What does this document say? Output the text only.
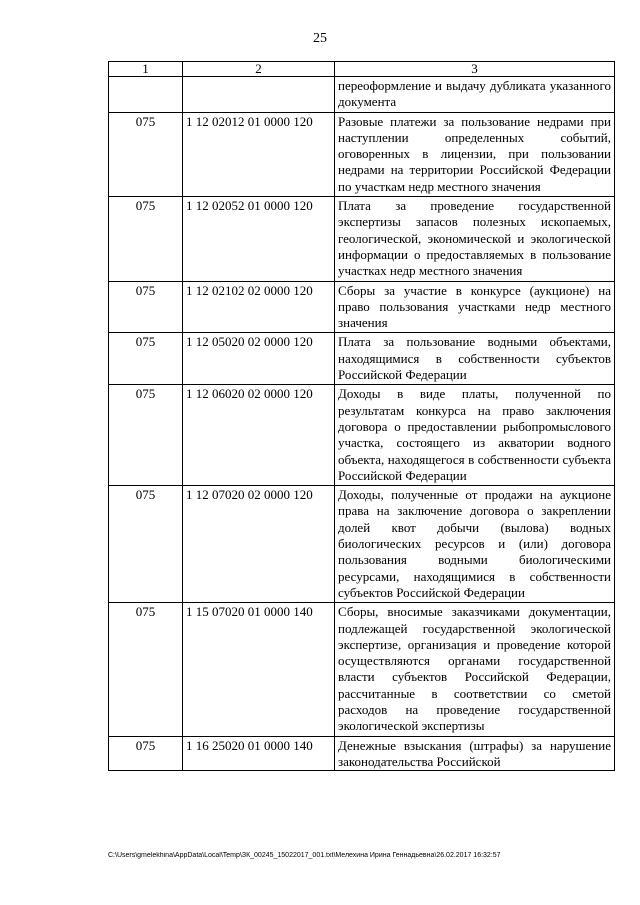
25
1	2	3
		переоформление и выдачу дубликата указанного документа
075	1 12 02012 01 0000 120	Разовые платежи за пользование недрами при наступлении определенных событий, оговоренных в лицензии, при пользовании недрами на территории Российской Федерации по участкам недр местного значения
075	1 12 02052 01 0000 120	Плата за проведение государственной экспертизы запасов полезных ископаемых, геологической, экономической и экологической информации о предоставляемых в пользование участках недр местного значения
075	1 12 02102 02 0000 120	Сборы за участие в конкурсе (аукционе) на право пользования участками недр местного значения
075	1 12 05020 02 0000 120	Плата за пользование водными объектами, находящимися в собственности субъектов Российской Федерации
075	1 12 06020 02 0000 120	Доходы в виде платы, полученной по результатам конкурса на право заключения договора о предоставлении рыбопромыслового участка, состоящего из акватории водного объекта, находящегося в собственности субъекта Российской Федерации
075	1 12 07020 02 0000 120	Доходы, полученные от продажи на аукционе права на заключение договора о закреплении долей квот добычи (вылова) водных биологических ресурсов и (или) договора пользования водными биологическими ресурсами, находящимися в собственности субъектов Российской Федерации
075	1 15 07020 01 0000 140	Сборы, вносимые заказчиками документации, подлежащей государственной экологической экспертизе, организация и проведение которой осуществляются органами государственной власти субъектов Российской Федерации, рассчитанные в соответствии со сметой расходов на проведение государственной экологической экспертизы
075	1 16 25020 01 0000 140	Денежные взыскания (штрафы) за нарушение законодательства Российской
C:\Users\gmelekhina\AppData\Local\Temp\ЗК_00245_15022017_001.txt\Мелехина Ирина Геннадьевна\26.02.2017 16:32:57
